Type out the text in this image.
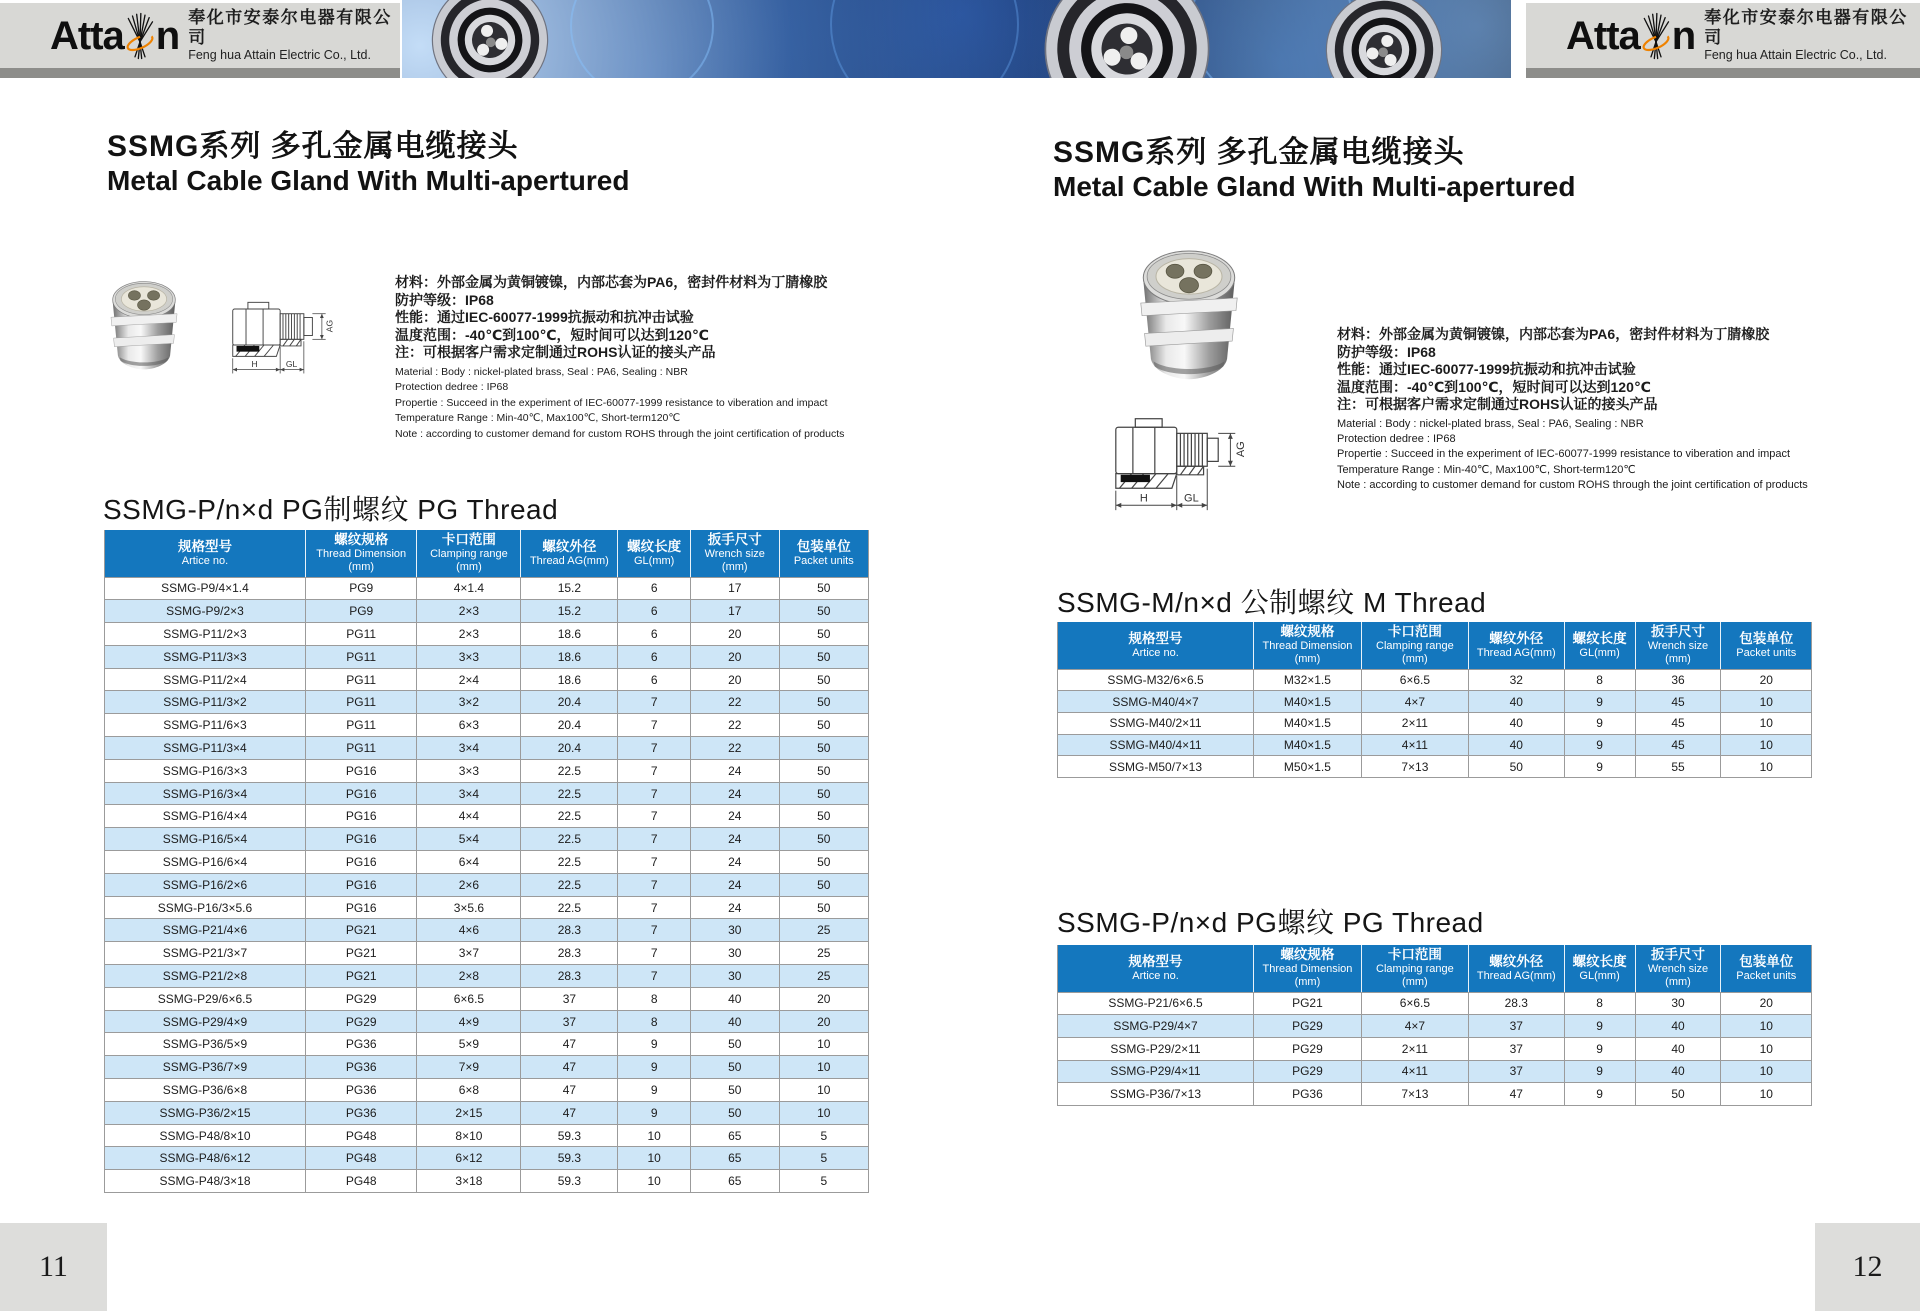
Atta n 奉化市安泰尔电器有限公司
Feng hua Attain Electric Co., Ltd.	Atta n 奉化市安泰尔电器有限公司
Feng hua Attain Electric Co., Ltd.
SSMG系列 多孔金属电缆接头
Metal Cable Gland With Multi-apertured
AG
H	GL
材料：外部金属为黄铜镀镍，内部芯套为PA6，密封件材料为丁腈橡胶
防护等级：IP68
性能：通过IEC-60077-1999抗振动和抗冲击试验
温度范围：-40℃到100℃，短时间可以达到120℃
注：可根据客户需求定制通过ROHS认证的接头产品
Material : Body : nickel-plated brass, Seal : PA6, Sealing : NBR
Protection dedree : IP68
Propertie : Succeed in the experiment of IEC-60077-1999 resistance to viberation and impact
Temperature Range : Min-40℃, Max100℃, Short-term120℃
Note : according to customer demand for custom ROHS through the joint certification of products
SSMG-P/n×d PG制螺纹 PG Thread
规格型号
Artice no.

螺纹规格
Thread Dimension
(mm)

卡口范围
Clamping range
(mm)

螺纹外径
Thread AG(mm)

螺纹长度
GL(mm)

扳手尺寸
Wrench size
(mm)

包装单位
Packet units

SSMG-P9/4×1.4	PG9	4×1.4	15.2	6	17	50
SSMG-P9/2×3	PG9	2×3	15.2	6	17	50
SSMG-P11/2×3	PG11	2×3	18.6	6	20	50
SSMG-P11/3×3	PG11	3×3	18.6	6	20	50
SSMG-P11/2×4	PG11	2×4	18.6	6	20	50
SSMG-P11/3×2	PG11	3×2	20.4	7	22	50
SSMG-P11/6×3	PG11	6×3	20.4	7	22	50
SSMG-P11/3×4	PG11	3×4	20.4	7	22	50
SSMG-P16/3×3	PG16	3×3	22.5	7	24	50
SSMG-P16/3×4	PG16	3×4	22.5	7	24	50
SSMG-P16/4×4	PG16	4×4	22.5	7	24	50
SSMG-P16/5×4	PG16	5×4	22.5	7	24	50
SSMG-P16/6×4	PG16	6×4	22.5	7	24	50
SSMG-P16/2×6	PG16	2×6	22.5	7	24	50
SSMG-P16/3×5.6	PG16	3×5.6	22.5	7	24	50
SSMG-P21/4×6	PG21	4×6	28.3	7	30	25
SSMG-P21/3×7	PG21	3×7	28.3	7	30	25
SSMG-P21/2×8	PG21	2×8	28.3	7	30	25
SSMG-P29/6×6.5	PG29	6×6.5	37	8	40	20
SSMG-P29/4×9	PG29	4×9	37	8	40	20
SSMG-P36/5×9	PG36	5×9	47	9	50	10
SSMG-P36/7×9	PG36	7×9	47	9	50	10
SSMG-P36/6×8	PG36	6×8	47	9	50	10
SSMG-P36/2×15	PG36	2×15	47	9	50	10
SSMG-P48/8×10	PG48	8×10	59.3	10	65	5
SSMG-P48/6×12	PG48	6×12	59.3	10	65	5
SSMG-P48/3×18	PG48	3×18	59.3	10	65	5
11
SSMG系列 多孔金属电缆接头
Metal Cable Gland With Multi-apertured
AG
H	GL
材料：外部金属为黄铜镀镍，内部芯套为PA6，密封件材料为丁腈橡胶
防护等级：IP68
性能：通过IEC-60077-1999抗振动和抗冲击试验
温度范围：-40℃到100℃，短时间可以达到120℃
注：可根据客户需求定制通过ROHS认证的接头产品
Material : Body : nickel-plated brass, Seal : PA6, Sealing : NBR
Protection dedree : IP68
Propertie : Succeed in the experiment of IEC-60077-1999 resistance to viberation and impact
Temperature Range : Min-40℃, Max100℃, Short-term120℃
Note : according to customer demand for custom ROHS through the joint certification of products
SSMG-M/n×d 公制螺纹 M Thread
规格型号
Artice no.

螺纹规格
Thread Dimension
(mm)

卡口范围
Clamping range
(mm)

螺纹外径
Thread AG(mm)

螺纹长度
GL(mm)

扳手尺寸
Wrench size
(mm)

包装单位
Packet units

SSMG-M32/6×6.5	M32×1.5	6×6.5	32	8	36	20
SSMG-M40/4×7	M40×1.5	4×7	40	9	45	10
SSMG-M40/2×11	M40×1.5	2×11	40	9	45	10
SSMG-M40/4×11	M40×1.5	4×11	40	9	45	10
SSMG-M50/7×13	M50×1.5	7×13	50	9	55	10
SSMG-P/n×d PG螺纹 PG Thread
规格型号
Artice no.

螺纹规格
Thread Dimension
(mm)

卡口范围
Clamping range
(mm)

螺纹外径
Thread AG(mm)

螺纹长度
GL(mm)

扳手尺寸
Wrench size
(mm)

包装单位
Packet units

SSMG-P21/6×6.5	PG21	6×6.5	28.3	8	30	20
SSMG-P29/4×7	PG29	4×7	37	9	40	10
SSMG-P29/2×11	PG29	2×11	37	9	40	10
SSMG-P29/4×11	PG29	4×11	37	9	40	10
SSMG-P36/7×13	PG36	7×13	47	9	50	10
12
